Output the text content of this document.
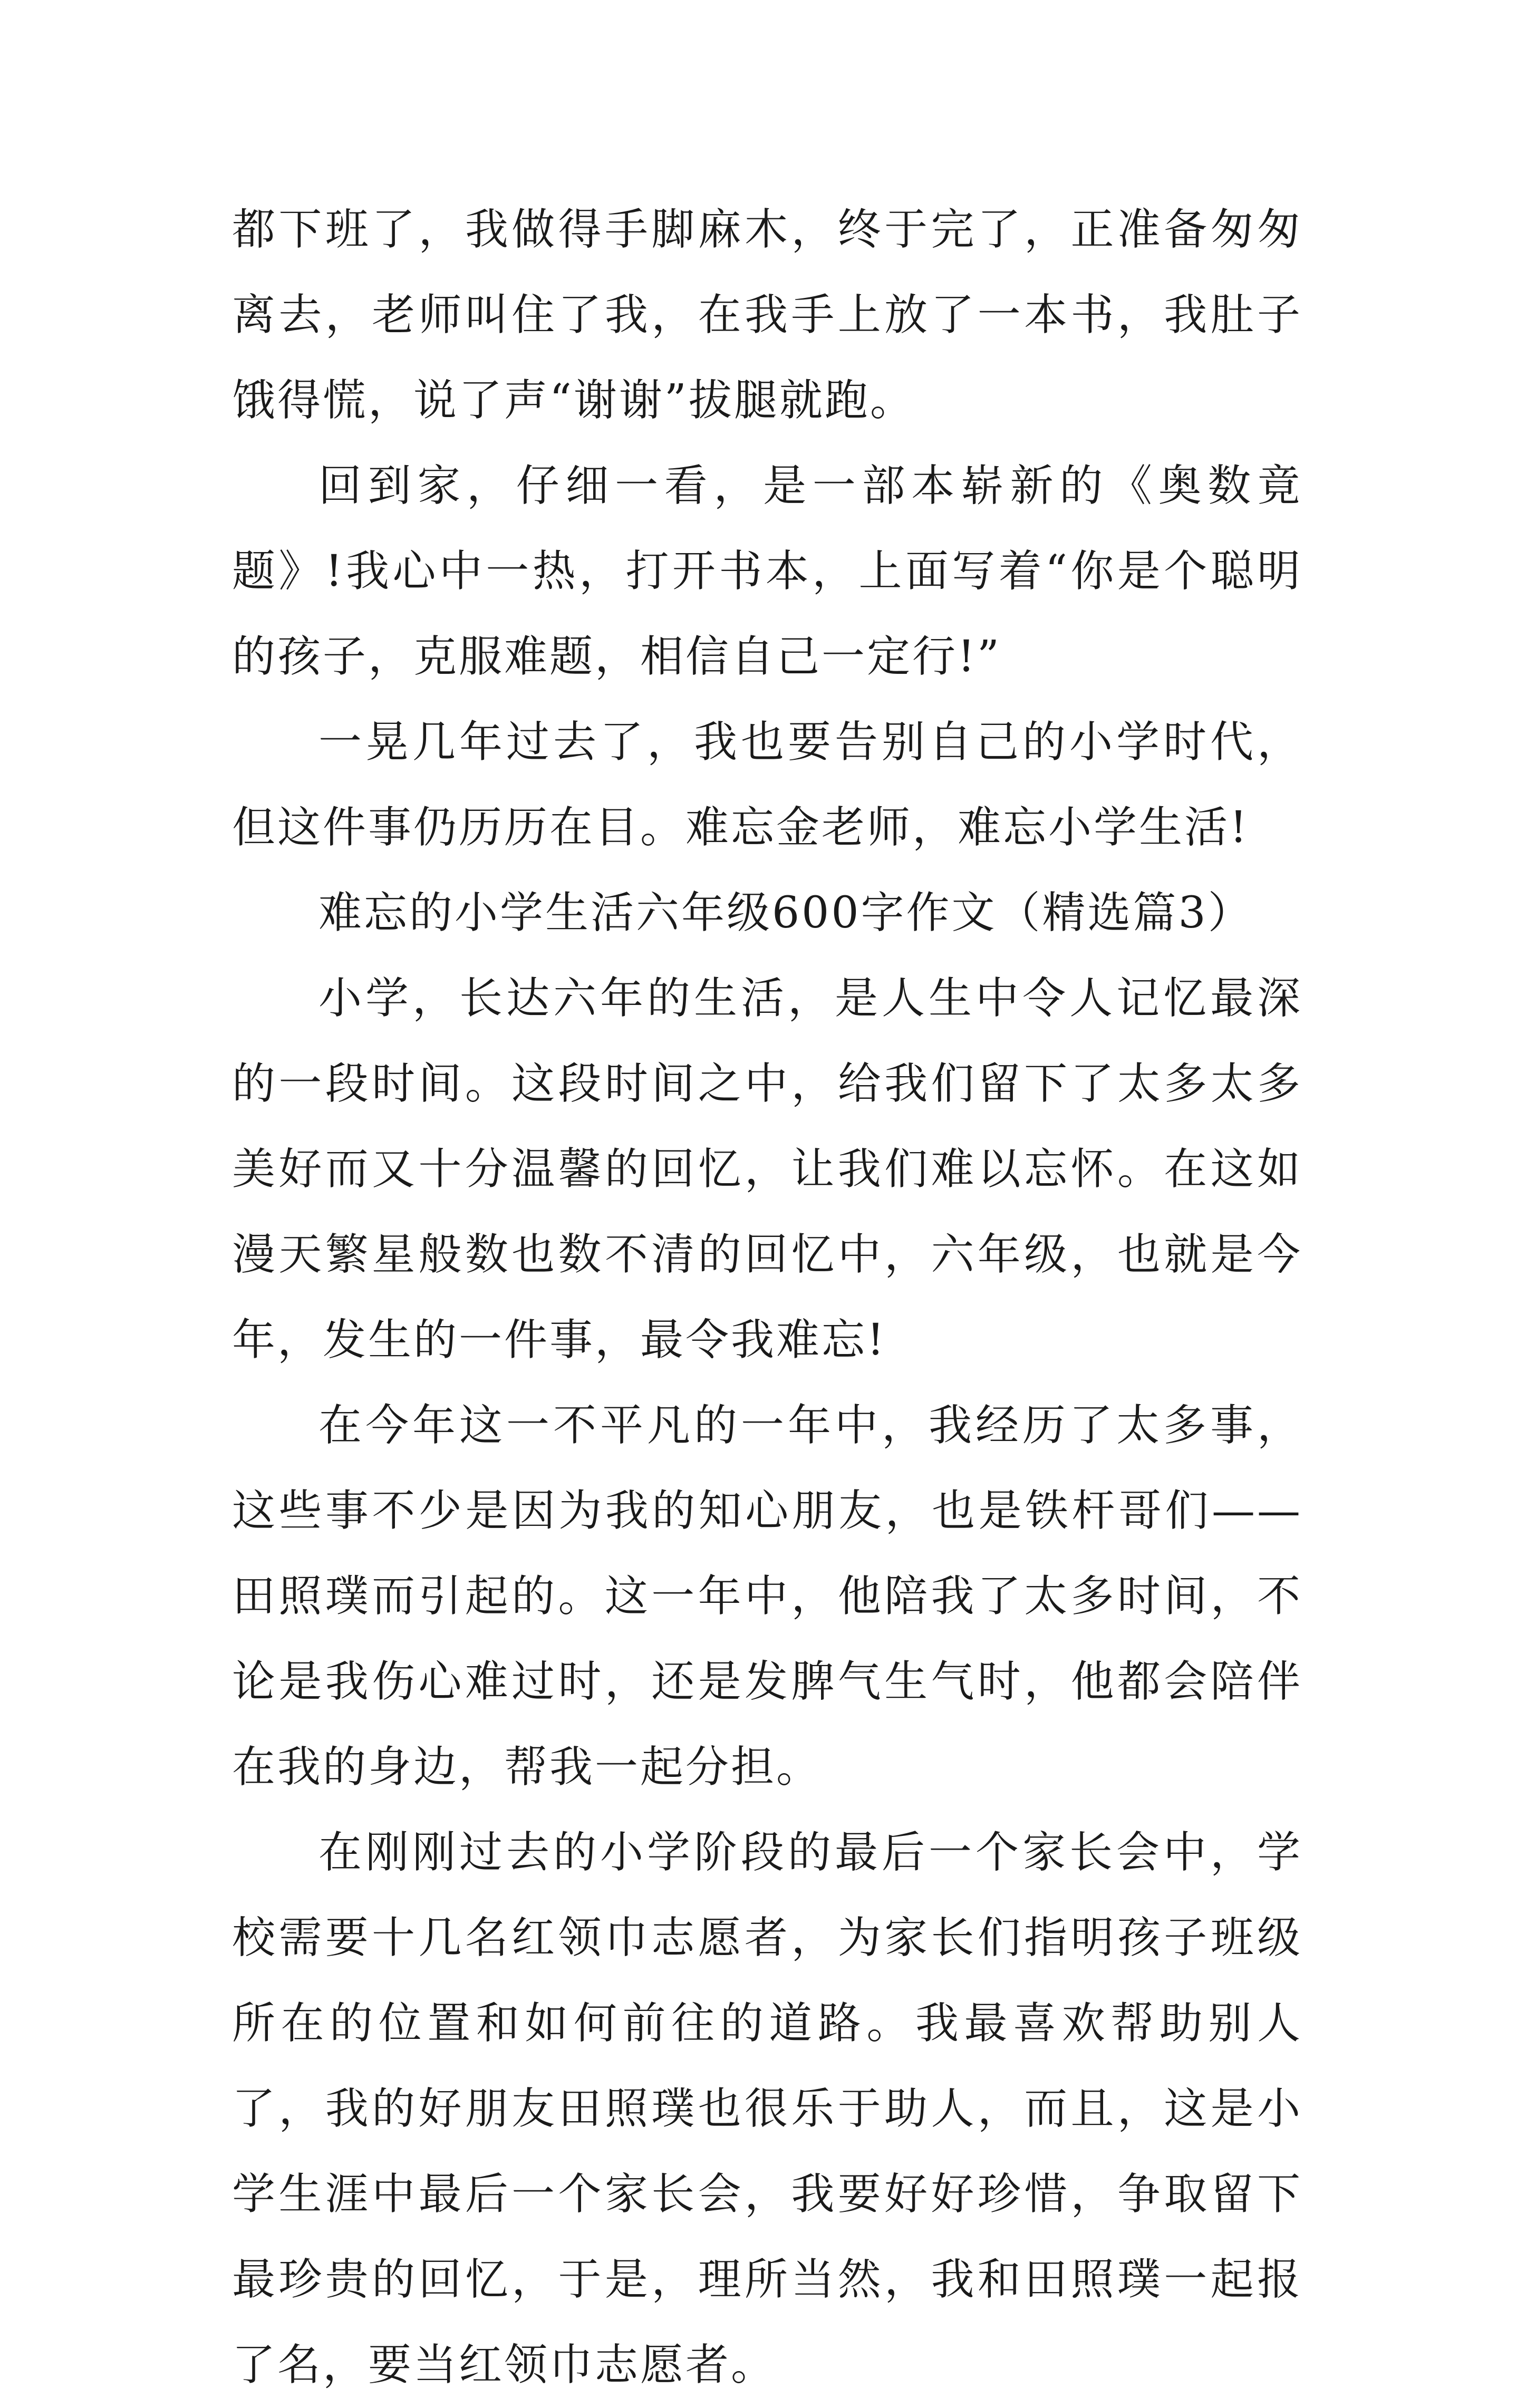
都下班了，我做得手脚麻木，终于完了，正准备匆匆离去，老师叫住了我，在我手上放了一本书，我肚子饿得慌，说了声“谢谢”拔腿就跑。

回到家，仔细一看，是一部本崭新的《奥数竟题》!我心中一热，打开书本，上面写着“你是个聪明的孩子，克服难题，相信自己一定行!”

一晃几年过去了，我也要告别自己的小学时代，但这件事仍历历在目。难忘金老师，难忘小学生活!

难忘的小学生活六年级600字作文（精选篇3）

小学，长达六年的生活，是人生中令人记忆最深的一段时间。这段时间之中，给我们留下了太多太多美好而又十分温馨的回忆，让我们难以忘怀。在这如漫天繁星般数也数不清的回忆中，六年级，也就是今年，发生的一件事，最令我难忘!

在今年这一不平凡的一年中，我经历了太多事，这些事不少是因为我的知心朋友，也是铁杆哥们——田照璞而引起的。这一年中，他陪我了太多时间，不论是我伤心难过时，还是发脾气生气时，他都会陪伴在我的身边，帮我一起分担。

在刚刚过去的小学阶段的最后一个家长会中，学校需要十几名红领巾志愿者，为家长们指明孩子班级所在的位置和如何前往的道路。我最喜欢帮助别人了，我的好朋友田照璞也很乐于助人，而且，这是小学生涯中最后一个家长会，我要好好珍惜，争取留下最珍贵的回忆，于是，理所当然，我和田照璞一起报了名，要当红领巾志愿者。
